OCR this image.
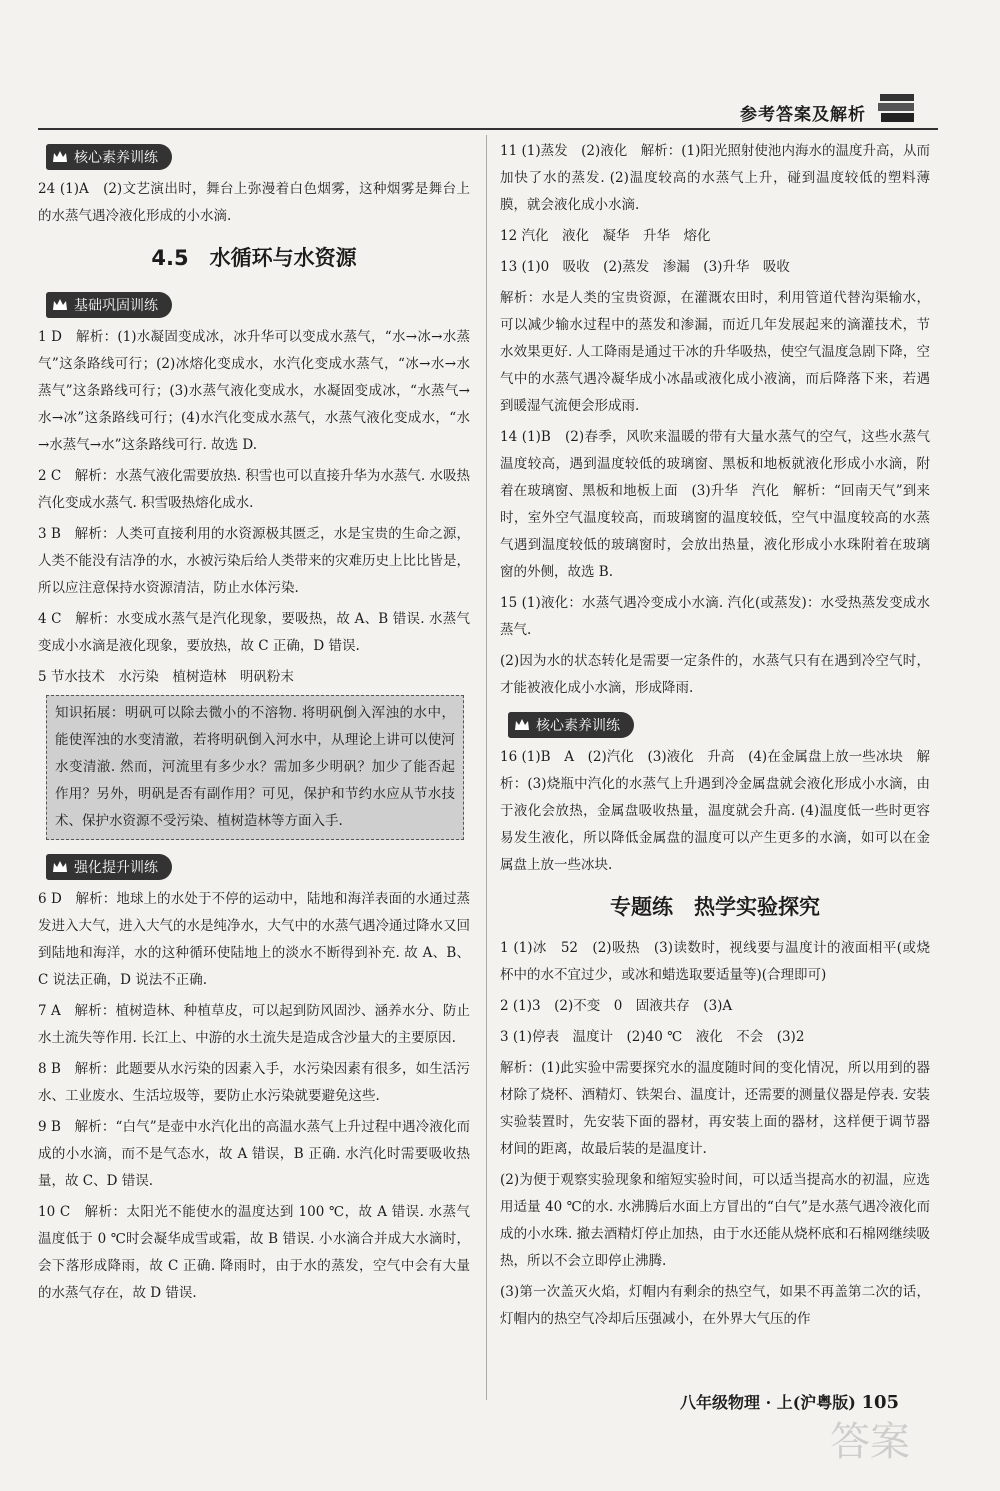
参考答案及解析
核心素养训练
24 (1)A　(2)文艺演出时，舞台上弥漫着白色烟雾，这种烟雾是舞台上的水蒸气遇冷液化形成的小水滴.
4.5　水循环与水资源
基础巩固训练
1 D　解析：(1)水凝固变成冰，冰升华可以变成水蒸气，“水→冰→水蒸气”这条路线可行；(2)冰熔化变成水，水汽化变成水蒸气，“冰→水→水蒸气”这条路线可行；(3)水蒸气液化变成水，水凝固变成冰，“水蒸气→水→冰”这条路线可行；(4)水汽化变成水蒸气，水蒸气液化变成水，“水→水蒸气→水”这条路线可行. 故选 D.
2 C　解析：水蒸气液化需要放热. 积雪也可以直接升华为水蒸气. 水吸热汽化变成水蒸气. 积雪吸热熔化成水.
3 B　解析：人类可直接利用的水资源极其匮乏，水是宝贵的生命之源，人类不能没有洁净的水，水被污染后给人类带来的灾难历史上比比皆是，所以应注意保持水资源清洁，防止水体污染.
4 C　解析：水变成水蒸气是汽化现象，要吸热，故 A、B 错误. 水蒸气变成小水滴是液化现象，要放热，故 C 正确，D 错误.
5 节水技术　水污染　植树造林　明矾粉末
知识拓展：明矾可以除去微小的不溶物. 将明矾倒入浑浊的水中，能使浑浊的水变清澈，若将明矾倒入河水中，从理论上讲可以使河水变清澈. 然而，河流里有多少水？需加多少明矾？加少了能否起作用？另外，明矾是否有副作用？可见，保护和节约水应从节水技术、保护水资源不受污染、植树造林等方面入手.
强化提升训练
6 D　解析：地球上的水处于不停的运动中，陆地和海洋表面的水通过蒸发进入大气，进入大气的水是纯净水，大气中的水蒸气遇冷通过降水又回到陆地和海洋，水的这种循环使陆地上的淡水不断得到补充. 故 A、B、C 说法正确，D 说法不正确.
7 A　解析：植树造林、种植草皮，可以起到防风固沙、涵养水分、防止水土流失等作用. 长江上、中游的水土流失是造成含沙量大的主要原因.
8 B　解析：此题要从水污染的因素入手，水污染因素有很多，如生活污水、工业废水、生活垃圾等，要防止水污染就要避免这些.
9 B　解析：“白气”是壶中水汽化出的高温水蒸气上升过程中遇冷液化而成的小水滴，而不是气态水，故 A 错误，B 正确. 水汽化时需要吸收热量，故 C、D 错误.
10 C　解析：太阳光不能使水的温度达到 100 ℃，故 A 错误. 水蒸气温度低于 0 ℃时会凝华成雪或霜，故 B 错误. 小水滴合并成大水滴时，会下落形成降雨，故 C 正确. 降雨时，由于水的蒸发，空气中会有大量的水蒸气存在，故 D 错误.
11 (1)蒸发　(2)液化　解析：(1)阳光照射使池内海水的温度升高，从而加快了水的蒸发. (2)温度较高的水蒸气上升，碰到温度较低的塑料薄膜，就会液化成小水滴.
12 汽化　液化　凝华　升华　熔化
13 (1)0　吸收　(2)蒸发　渗漏　(3)升华　吸收
解析：水是人类的宝贵资源，在灌溉农田时，利用管道代替沟渠输水，可以减少输水过程中的蒸发和渗漏，而近几年发展起来的滴灌技术，节水效果更好. 人工降雨是通过干冰的升华吸热，使空气温度急剧下降，空气中的水蒸气遇冷凝华成小冰晶或液化成小液滴，而后降落下来，若遇到暖湿气流便会形成雨.
14 (1)B　(2)春季，风吹来温暖的带有大量水蒸气的空气，这些水蒸气温度较高，遇到温度较低的玻璃窗、黑板和地板就液化形成小水滴，附着在玻璃窗、黑板和地板上面　(3)升华　汽化　解析：“回南天气”到来时，室外空气温度较高，而玻璃窗的温度较低，空气中温度较高的水蒸气遇到温度较低的玻璃窗时，会放出热量，液化形成小水珠附着在玻璃窗的外侧，故选 B.
15 (1)液化：水蒸气遇冷变成小水滴. 汽化(或蒸发)：水受热蒸发变成水蒸气.
(2)因为水的状态转化是需要一定条件的，水蒸气只有在遇到冷空气时，才能被液化成小水滴，形成降雨.
核心素养训练
16 (1)B　A　(2)汽化　(3)液化　升高　(4)在金属盘上放一些冰块　解析：(3)烧瓶中汽化的水蒸气上升遇到冷金属盘就会液化形成小水滴，由于液化会放热，金属盘吸收热量，温度就会升高. (4)温度低一些时更容易发生液化，所以降低金属盘的温度可以产生更多的水滴，如可以在金属盘上放一些冰块.
专题练　热学实验探究
1 (1)冰　52　(2)吸热　(3)读数时，视线要与温度计的液面相平(或烧杯中的水不宜过少，或冰和蜡选取要适量等)(合理即可)
2 (1)3　(2)不变　0　固液共存　(3)A
3 (1)停表　温度计　(2)40 ℃　液化　不会　(3)2
解析：(1)此实验中需要探究水的温度随时间的变化情况，所以用到的器材除了烧杯、酒精灯、铁架台、温度计，还需要的测量仪器是停表. 安装实验装置时，先安装下面的器材，再安装上面的器材，这样便于调节器材间的距离，故最后装的是温度计.
(2)为便于观察实验现象和缩短实验时间，可以适当提高水的初温，应选用适量 40 ℃的水. 水沸腾后水面上方冒出的“白气”是水蒸气遇冷液化而成的小水珠. 撤去酒精灯停止加热，由于水还能从烧杯底和石棉网继续吸热，所以不会立即停止沸腾.
(3)第一次盖灭火焰，灯帽内有剩余的热空气，如果不再盖第二次的话，灯帽内的热空气冷却后压强减小，在外界大气压的作
八年级物理 · 上(沪粤版) 105
答案
